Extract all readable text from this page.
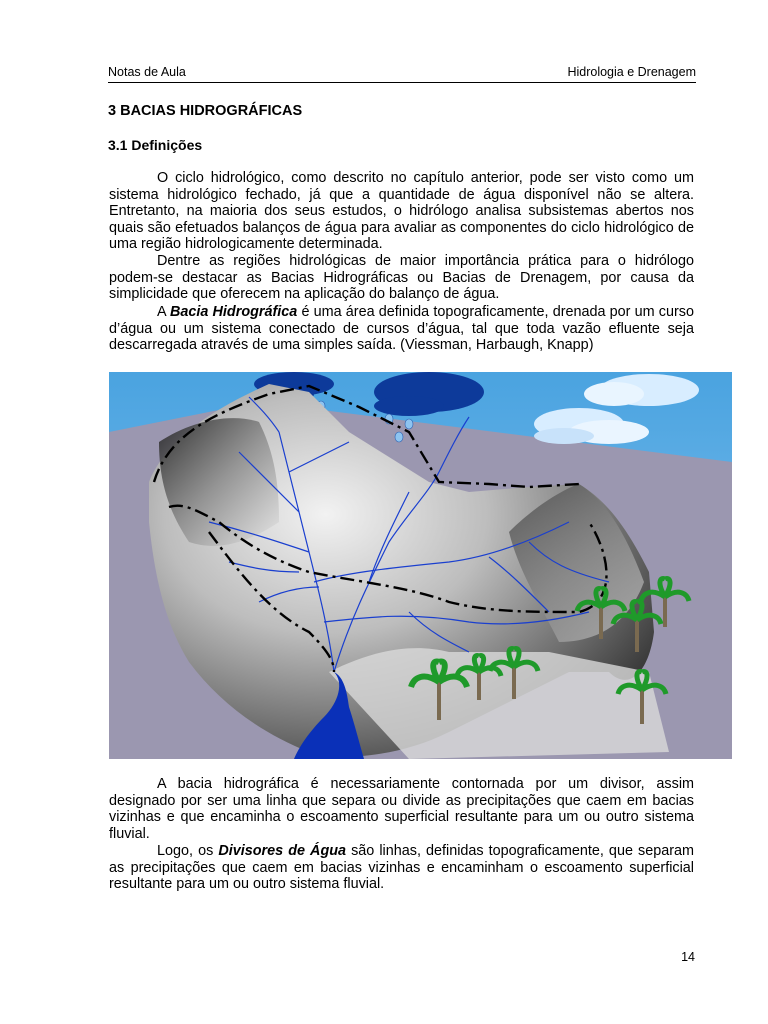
Notas de Aula	Hidrologia e Drenagem
3 BACIAS HIDROGRÁFICAS
3.1 Definições

O ciclo hidrológico, como descrito no capítulo anterior, pode ser visto como um sistema hidrológico fechado, já que a quantidade de água disponível não se altera. Entretanto, na maioria dos seus estudos, o hidrólogo analisa subsistemas abertos nos quais são efetuados balanços de água para avaliar as componentes do ciclo hidrológico de uma região hidrologicamente determinada.

Dentre as regiões hidrológicas de maior importância prática para o hidrólogo podem-se destacar as Bacias Hidrográficas ou Bacias de Drenagem, por causa da simplicidade que oferecem na aplicação do balanço de água.

A Bacia Hidrográfica é uma área definida topograficamente, drenada por um curso d’água ou um sistema conectado de cursos d’água, tal que toda vazão efluente seja descarregada através de uma simples saída. (Viessman, Harbaugh, Knapp)

A bacia hidrográfica é necessariamente contornada por um divisor, assim designado por ser uma linha que separa ou divide as precipitações que caem em bacias vizinhas e que encaminha o escoamento superficial resultante para um ou outro sistema fluvial.

Logo, os Divisores de Água são linhas, definidas topograficamente, que separam as precipitações que caem em bacias vizinhas e encaminham o escoamento superficial resultante para um ou outro sistema fluvial.

14
